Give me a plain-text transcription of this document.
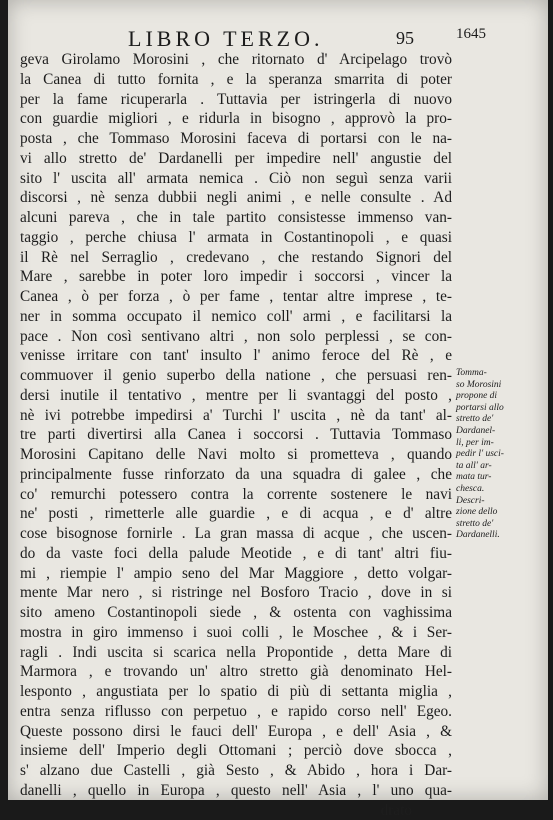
LIBRO TERZO.	95	1645
geva Girolamo Morosini , che ritornato d' Arcipelago trovò
la Canea di tutto fornita , e la speranza smarrita di poter
per la fame ricuperarla . Tuttavia per istringerla di nuovo
con guardie migliori , e ridurla in bisogno , approvò la pro-
posta , che Tommaso Morosini faceva di portarsi con le na-
vi allo stretto de' Dardanelli per impedire nell' angustie del
sito l' uscita all' armata nemica . Ciò non seguì senza varii
discorsi , nè senza dubbii negli animi , e nelle consulte . Ad
alcuni pareva , che in tale partito consistesse immenso van-
taggio , perche chiusa l' armata in Costantinopoli , e quasi
il Rè nel Serraglio , credevano , che restando Signori del
Mare , sarebbe in poter loro impedir i soccorsi , vincer la
Canea , ò per forza , ò per fame , tentar altre imprese , te-
ner in somma occupato il nemico coll' armi , e facilitarsi la
pace . Non così sentivano altri , non solo perplessi , se con-
venisse irritare con tant' insulto l' animo feroce del Rè , e
commuover il genio superbo della natione , che persuasi ren-
dersi inutile il tentativo , mentre per li svantaggi del posto ,
nè ivi potrebbe impedirsi a' Turchi l' uscita , nè da tant' al-
tre parti divertirsi alla Canea i soccorsi . Tuttavia Tommaso
Morosini Capitano delle Navi molto si prometteva , quando
principalmente fusse rinforzato da una squadra di galee , che
co' remurchi potessero contra la corrente sostenere le navi
ne' posti , rimetterle alle guardie , e di acqua , e d' altre
cose bisognose fornirle . La gran massa di acque , che uscen-
do da vaste foci della palude Meotide , e di tant' altri fiu-
mi , riempie l' ampio seno del Mar Maggiore , detto volgar-
mente Mar nero , si ristringe nel Bosforo Tracio , dove in si
sito ameno Costantinopoli siede , & ostenta con vaghissima
mostra in giro immenso i suoi colli , le Moschee , & i Ser-
ragli . Indi uscita si scarica nella Propontide , detta Mare di
Marmora , e trovando un' altro stretto già denominato Hel-
lesponto , angustiata per lo spatio di più di settanta miglia ,
entra senza riflusso con perpetuo , e rapido corso nell' Egeo.
Queste possono dirsi le fauci dell' Europa , e dell' Asia , &
insieme dell' Imperio degli Ottomani ; perciò dove sbocca ,
s' alzano due Castelli , già Sesto , & Abido , hora i Dar-
danelli , quello in Europa , questo nell' Asia , l' uno qua-
drato
Tomma-
so Morosini
propone di
portarsi allo
stretto de'
Dardanel-
li, per im-
pedir l' usci-
ta all' ar-
mata tur-
chesca.
Descri-
zione dello
stretto de'
Dardanelli.
